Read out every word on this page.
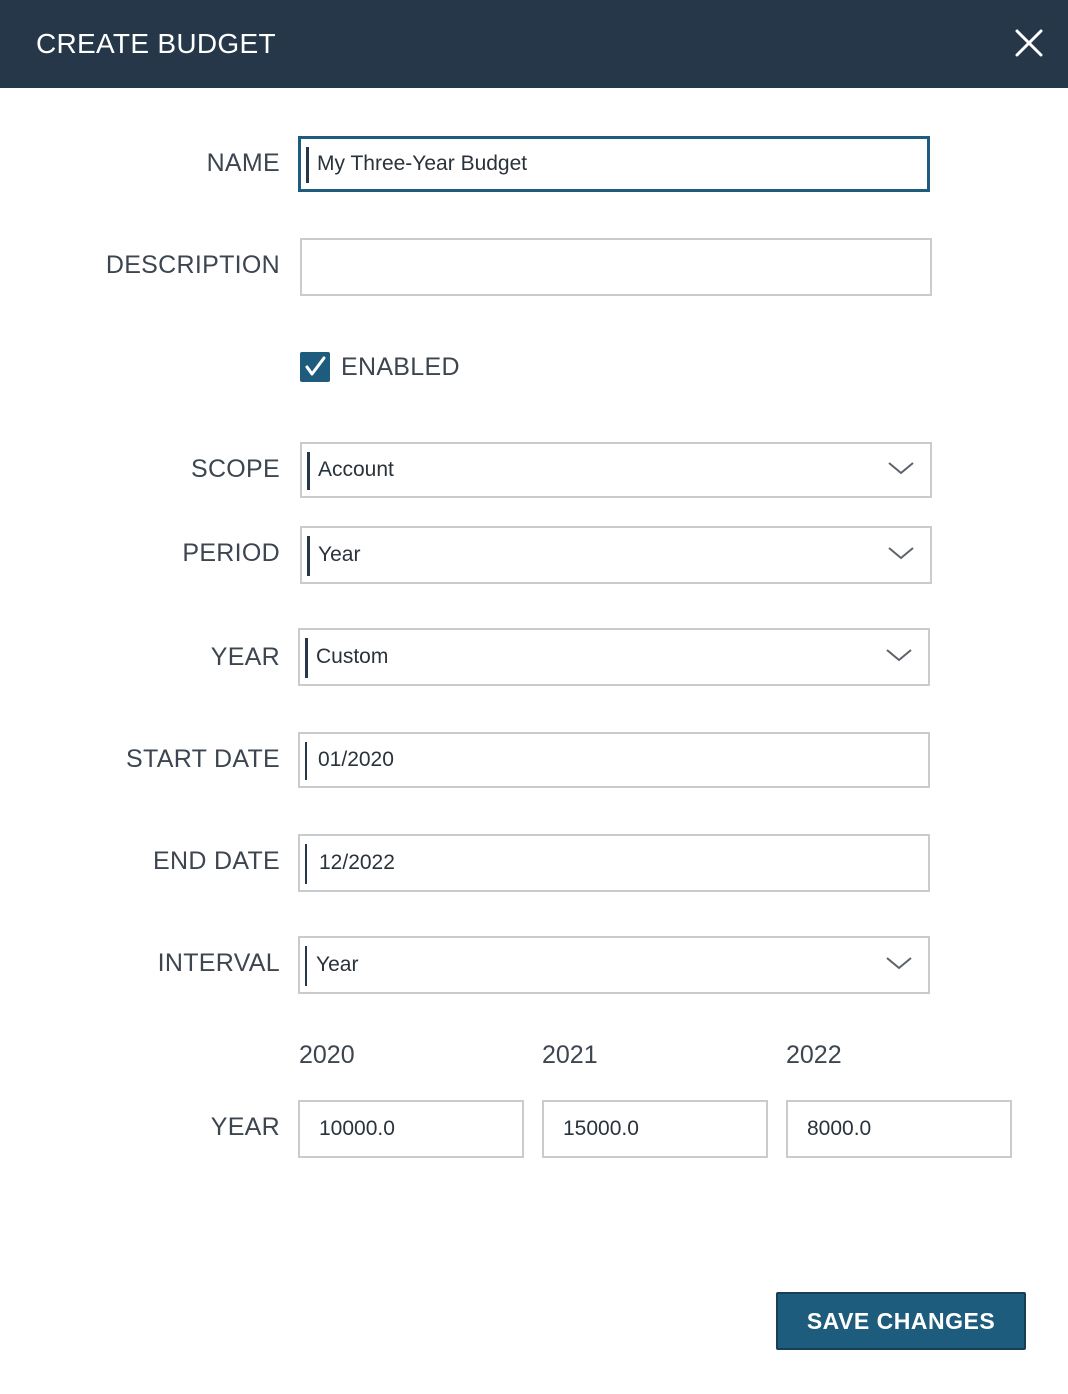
CREATE BUDGET
NAME My Three-Year Budget
DESCRIPTION
ENABLED
SCOPE Account
PERIOD Year
YEAR Custom
START DATE 01/2020
END DATE 12/2022
INTERVAL Year
2020	2021	2022
YEAR 10000.0	15000.0	8000.0
SAVE CHANGES
